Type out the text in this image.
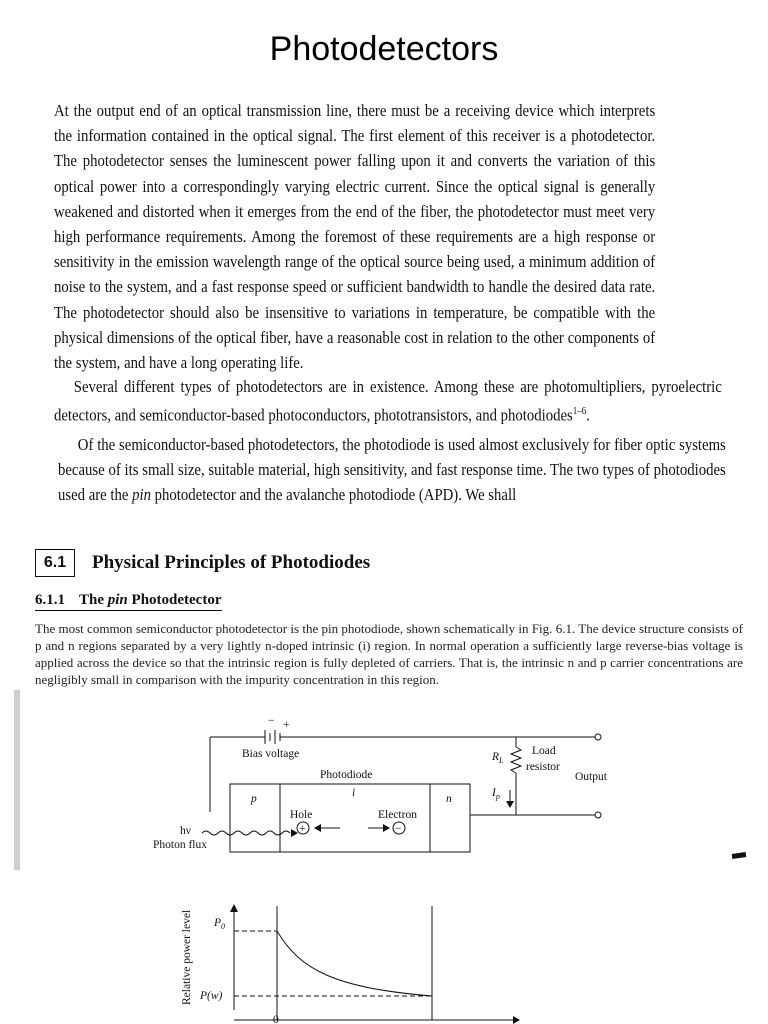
Photodetectors
At the output end of an optical transmission line, there must be a receiving device which interprets the information contained in the optical signal. The first element of this receiver is a photodetector. The photodetector senses the luminescent power falling upon it and converts the variation of this optical power into a correspondingly varying electric current. Since the optical signal is generally weakened and distorted when it emerges from the end of the fiber, the photodetector must meet very high performance requirements. Among the foremost of these requirements are a high response or sensitivity in the emission wavelength range of the optical source being used, a minimum addition of noise to the system, and a fast response speed or sufficient bandwidth to handle the desired data rate. The photodetector should also be insensitive to variations in temperature, be compatible with the physical dimensions of the optical fiber, have a reasonable cost in relation to the other components of the system, and have a long operating life.
Several different types of photodetectors are in existence. Among these are photomultipliers, pyroelectric detectors, and semiconductor-based photoconductors, phototransistors, and photodiodes$^{1-6}$.
Of the semiconductor-based photodetectors, the photodiode is used almost exclusively for fiber optic systems because of its small size, suitable material, high sensitivity, and fast response time. The two types of photodiodes used are the pin photodetector and the avalanche photodiode (APD). We shall
6.1	Physical Principles of Photodiodes
6.1.1 The pin Photodetector
The most common semiconductor photodetector is the pin photodiode, shown schematically in Fig. 6.1. The device structure consists of p and n regions separated by a very lightly n-doped intrinsic (i) region. In normal operation a sufficiently large reverse-bias voltage is applied across the device so that the intrinsic region is fully depleted of carriers. That is, the intrinsic n and p carrier concentrations are negligibly small in comparison with the impurity concentration in this region.
− +
Bias voltage
Photodiode
p	i	n
Hole	Electron
+	−
hν
Photon flux
$R_L$
$I_p$
Load
resistor
Output
Relative power level $P_0$
P(w)
0
